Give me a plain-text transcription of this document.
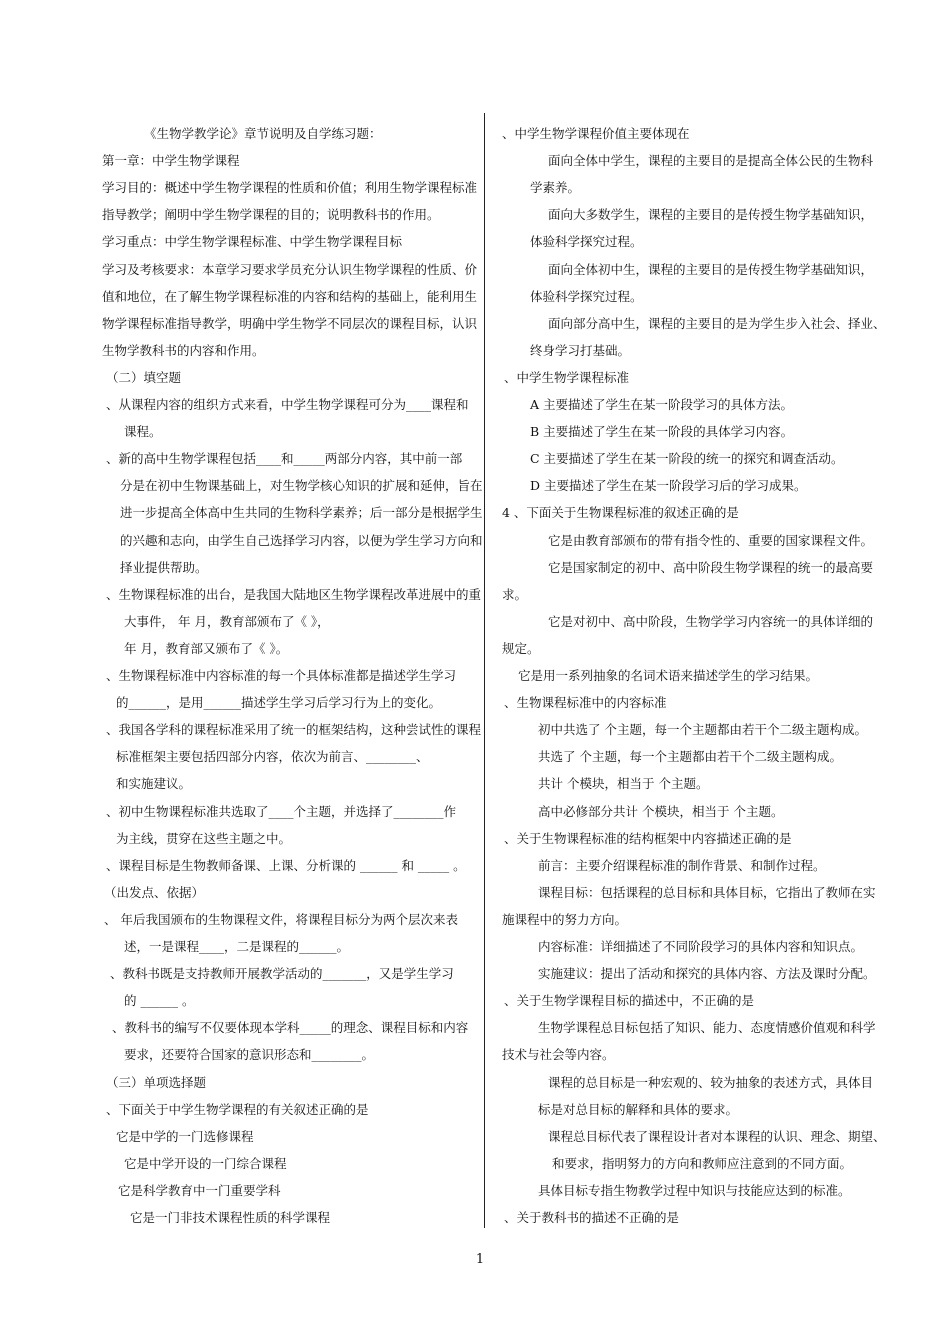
《生物学教学论》章节说明及自学练习题：
第一章：中学生物学课程
学习目的：概述中学生物学课程的性质和价值；利用生物学课程标准
指导教学；阐明中学生物学课程的目的；说明教科书的作用。
学习重点：中学生物学课程标准、中学生物学课程目标
学习及考核要求：本章学习要求学员充分认识生物学课程的性质、价
值和地位，在了解生物学课程标准的内容和结构的基础上，能利用生
物学课程标准指导教学，明确中学生物学不同层次的课程目标，认识
生物学教科书的内容和作用。
（二）填空题
、从课程内容的组织方式来看，中学生物学课程可分为____课程和
课程。
、新的高中生物学课程包括____和_____两部分内容，其中前一部
分是在初中生物课基础上，对生物学核心知识的扩展和延伸，旨在
进一步提高全体高中生共同的生物科学素养；后一部分是根据学生
的兴趣和志向，由学生自己选择学习内容，以便为学生学习方向和
择业提供帮助。
、生物课程标准的出台，是我国大陆地区生物学课程改革进展中的重
大事件， 年 月，教育部颁布了《 》，
年 月，教育部又颁布了《 》。
、生物课程标准中内容标准的每一个具体标准都是描述学生学习
的______，是用______描述学生学习后学习行为上的变化。
、我国各学科的课程标准采用了统一的框架结构，这种尝试性的课程
标准框架主要包括四部分内容，依次为前言、________、
和实施建议。
、初中生物课程标准共选取了____个主题，并选择了________作
为主线，贯穿在这些主题之中。
、课程目标是生物教师备课、上课、分析课的 ______ 和 _____ 。
（出发点、依据）
、 年后我国颁布的生物课程文件，将课程目标分为两个层次来表
述，一是课程____，二是课程的______。
、教科书既是支持教师开展教学活动的_______，又是学生学习
的 ______ 。
、教科书的编写不仅要体现本学科_____的理念、课程目标和内容
要求，还要符合国家的意识形态和________。
（三）单项选择题
、下面关于中学生物学课程的有关叙述正确的是
它是中学的一门选修课程
它是中学开设的一门综合课程
它是科学教育中一门重要学科
它是一门非技术课程性质的科学课程
、中学生物学课程价值主要体现在
面向全体中学生，课程的主要目的是提高全体公民的生物科
学素养。
面向大多数学生，课程的主要目的是传授生物学基础知识，
体验科学探究过程。
面向全体初中生，课程的主要目的是传授生物学基础知识，
体验科学探究过程。
面向部分高中生，课程的主要目的是为学生步入社会、择业、
终身学习打基础。
、中学生物学课程标准
A 主要描述了学生在某一阶段学习的具体方法。
B 主要描述了学生在某一阶段的具体学习内容。
C 主要描述了学生在某一阶段的统一的探究和调查活动。
D 主要描述了学生在某一阶段学习后的学习成果。
4 、下面关于生物课程标准的叙述正确的是
它是由教育部颁布的带有指令性的、重要的国家课程文件。
它是国家制定的初中、高中阶段生物学课程的统一的最高要
求。
它是对初中、高中阶段，生物学学习内容统一的具体详细的
规定。
它是用一系列抽象的名词术语来描述学生的学习结果。
、生物课程标准中的内容标准
初中共选了 个主题，每一个主题都由若干个二级主题构成。
共选了 个主题，每一个主题都由若干个二级主题构成。
共计 个模块，相当于 个主题。
高中必修部分共计 个模块，相当于 个主题。
、关于生物课程标准的结构框架中内容描述正确的是
前言：主要介绍课程标准的制作背景、和制作过程。
课程目标：包括课程的总目标和具体目标，它指出了教师在实
施课程中的努力方向。
内容标准：详细描述了不同阶段学习的具体内容和知识点。
实施建议：提出了活动和探究的具体内容、方法及课时分配。
、关于生物学课程目标的描述中，不正确的是
生物学课程总目标包括了知识、能力、态度情感价值观和科学
技术与社会等内容。
课程的总目标是一种宏观的、较为抽象的表述方式，具体目
标是对总目标的解释和具体的要求。
课程总目标代表了课程设计者对本课程的认识、理念、期望、
和要求，指明努力的方向和教师应注意到的不同方面。
具体目标专指生物教学过程中知识与技能应达到的标准。
、关于教科书的描述不正确的是
1
